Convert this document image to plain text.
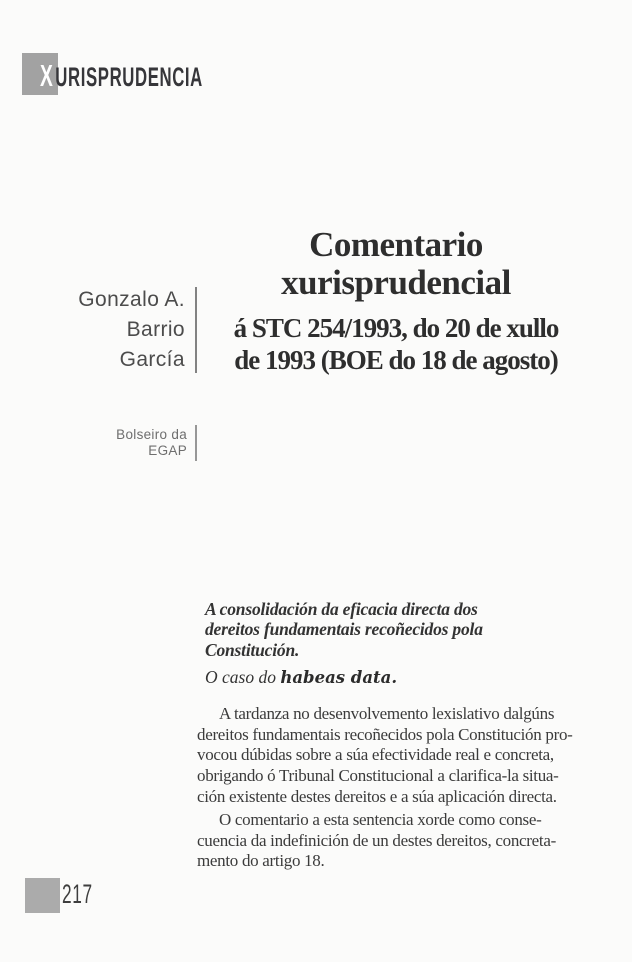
XURISPRUDENCIA
Gonzalo A.
Barrio
García
Comentario
xurisprudencial
á STC 254/1993, do 20 de xullo
de 1993 (BOE do 18 de agosto)
Bolseiro da
EGAP
A consolidación da eficacia directa dos
dereitos fundamentais recoñecidos pola
Constitución.
O caso do habeas data.
A tardanza no desenvolvemento lexislativo dalgúns
dereitos fundamentais recoñecidos pola Constitución pro-
vocou dúbidas sobre a súa efectividade real e concreta,
obrigando ó Tribunal Constitucional a clarifica-la situa-
ción existente destes dereitos e a súa aplicación directa.
O comentario a esta sentencia xorde como conse-
cuencia da indefinición de un destes dereitos, concreta-
mento do artigo 18.
217
